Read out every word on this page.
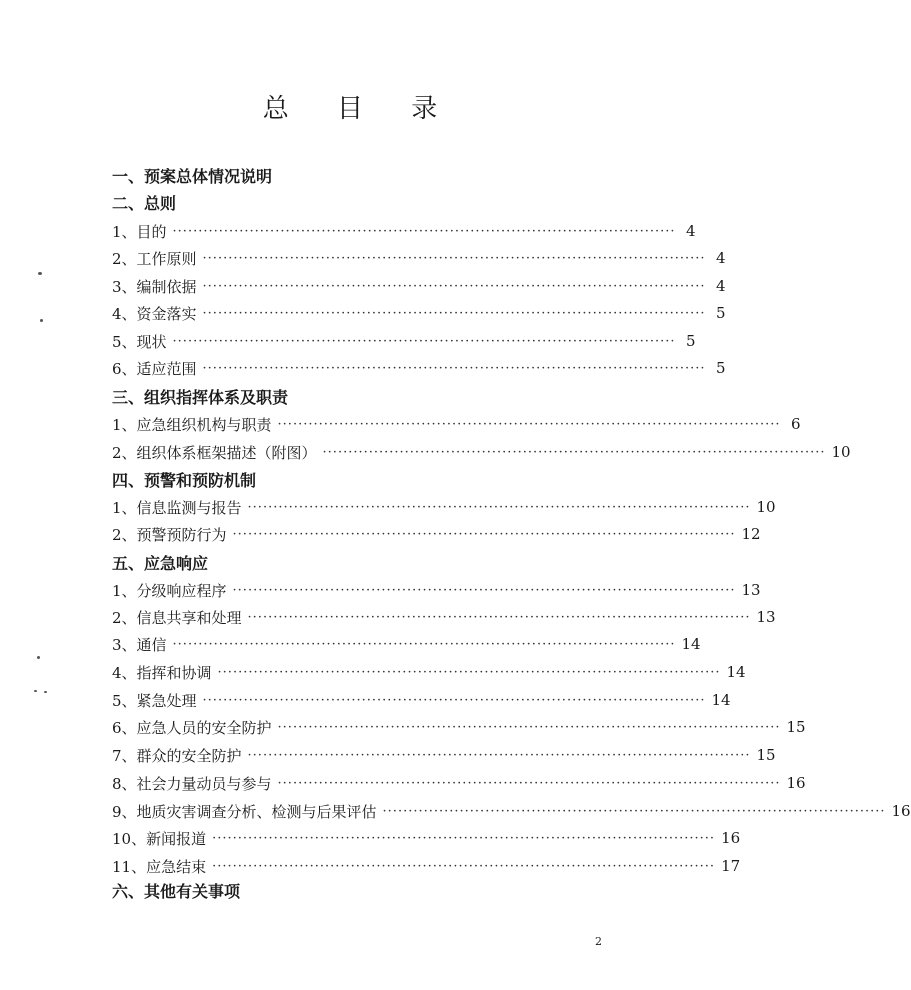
总 目 录
一、预案总体情况说明
二、总则
1、目的 ·································································································· 4
2、工作原则 ·································································································· 4
3、编制依据 ·································································································· 4
4、资金落实 ·································································································· 5
5、现状 ·································································································· 5
6、适应范围 ·································································································· 5
三、组织指挥体系及职责
1、应急组织机构与职责 ·································································································· 6
2、组织体系框架描述（附图） ·································································································· 10
四、预警和预防机制
1、信息监测与报告 ·································································································· 10
2、预警预防行为 ·································································································· 12
五、应急响应
1、分级响应程序 ·································································································· 13
2、信息共享和处理 ·································································································· 13
3、通信 ·································································································· 14
4、指挥和协调 ·································································································· 14
5、紧急处理 ·································································································· 14
6、应急人员的安全防护 ·································································································· 15
7、群众的安全防护 ·································································································· 15
8、社会力量动员与参与 ·································································································· 16
9、地质灾害调查分析、检测与后果评估 ·································································································· 16
10、新闻报道 ·································································································· 16
11、应急结束 ·································································································· 17
六、其他有关事项
2
